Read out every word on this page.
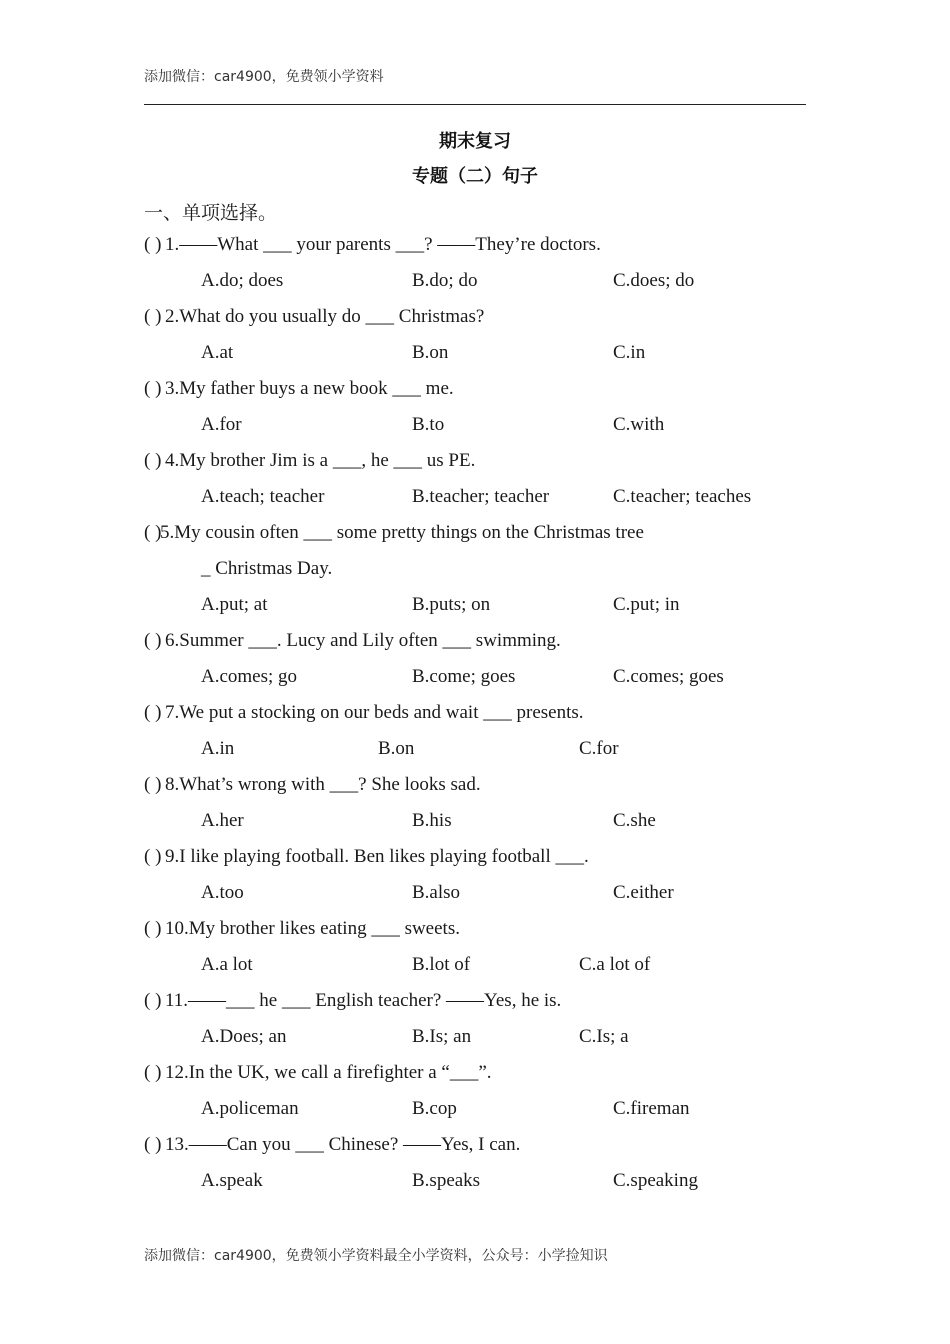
添加微信：car4900，免费领小学资料
期末复习
专题（二）句子
一、单项选择。
( ) 1.——What ___ your parents ___? ——They’re doctors.
A.do; does	B.do; do	C.does; do
( ) 2.What do you usually do ___ Christmas?
A.at	B.on	C.in
( ) 3.My father buys a new book ___ me.
A.for	B.to	C.with
( ) 4.My brother Jim is a ___, he ___ us PE.
A.teach; teacher	B.teacher; teacher	C.teacher; teaches
( )
5.My cousin often ___ some pretty things on the Christmas tree
_ Christmas Day.
A.put; at	B.puts; on	C.put; in
( ) 6.Summer ___. Lucy and Lily often ___ swimming.
A.comes; go	B.come; goes	C.comes; goes
( ) 7.We put a stocking on our beds and wait ___ presents.
A.in	B.on	C.for
( ) 8.What’s wrong with ___? She looks sad.
A.her	B.his	C.she
( ) 9.I like playing football. Ben likes playing football ___.
A.too	B.also	C.either
( ) 10.My brother likes eating ___ sweets.
A.a lot	B.lot of	C.a lot of
( ) 11.——___ he ___ English teacher? ——Yes, he is.
A.Does; an	B.Is; an	C.Is; a
( ) 12.In the UK, we call a firefighter a “___”.
A.policeman	B.cop	C.fireman
( ) 13.——Can you ___ Chinese? ——Yes, I can.
A.speak	B.speaks	C.speaking
添加微信：car4900，免费领小学资料最全小学资料，公众号：小学捡知识
